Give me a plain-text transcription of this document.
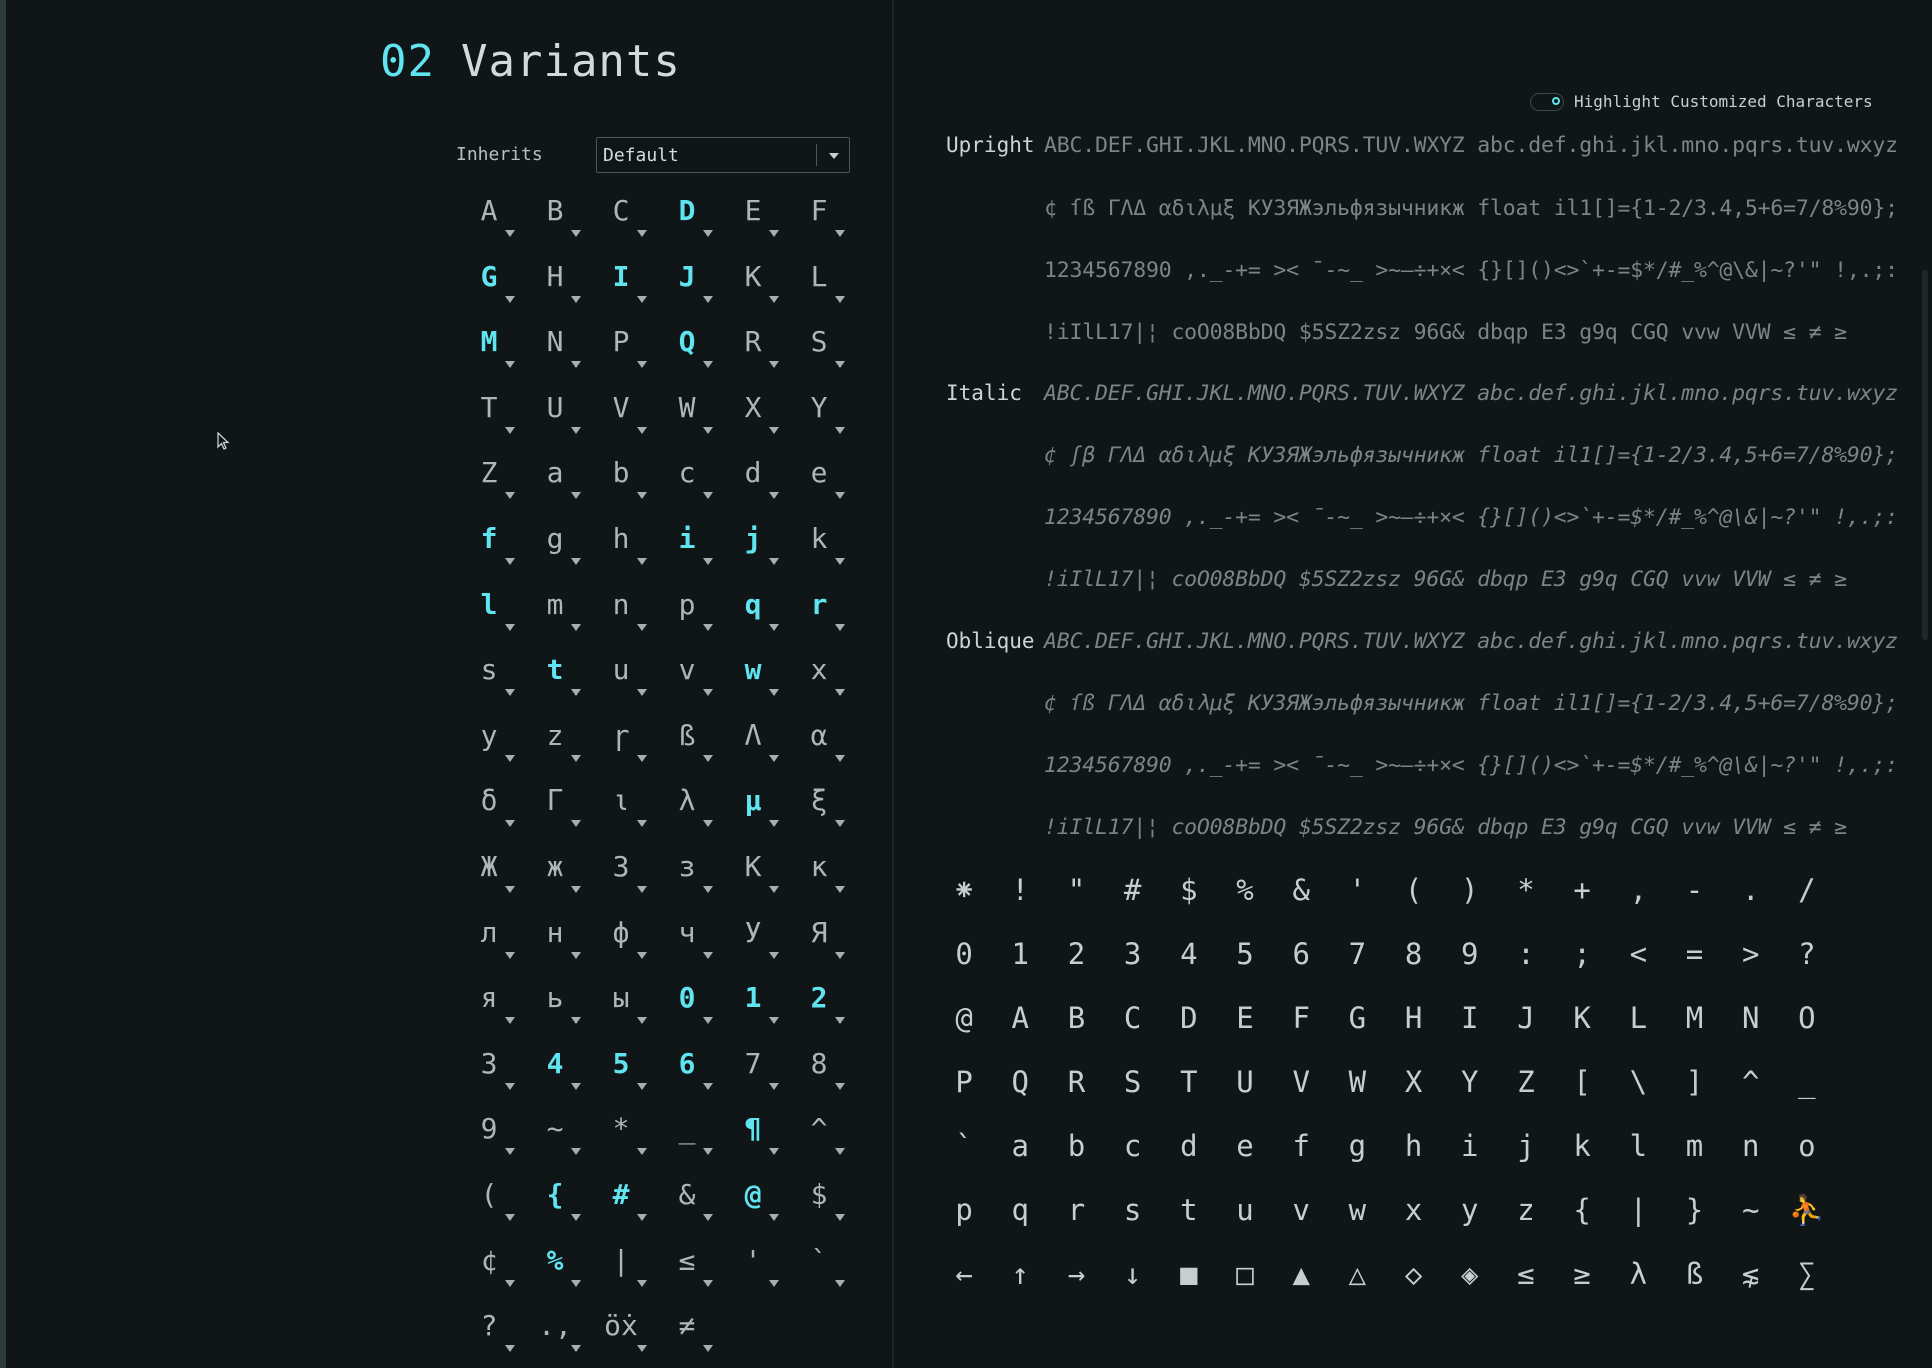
02 Variants
Inherits	Default
A	B	C	D	E	F
G	H	I	J	K	L
M	N	P	Q	R	S
T	U	V	W	X	Y
Z	a	b	c	d	e
f	g	h	i	j	k
l	m	n	p	q	r
s	t	u	v	w	x
y	z	ɼ	ß	Λ	α
δ	Γ	ι	λ	μ	ξ
Ж	ж	З	з	К	к
л	н	ф	ч	У	Я
я	ь	ы	0	1	2
3	4	5	6	7	8
9	~	*	_	¶	^
(	{	#	&	@	$
¢	%	|	≤	'	`
?	.,	öẋ	≠
Highlight Customized Characters
Upright ABC.DEF.GHI.JKL.MNO.PQRS.TUV.WXYZ abc.def.ghi.jkl.mno.pqrs.tuv.wxyz
¢ ſß ΓΛΔ αδιλμξ КУЗЯЖэльфязычникж float il1[]={1-2/3.4,5+6=7/8%90};
1234567890 ,._-+= >< ¯-~_ >~–÷+×< {}[]()<>`+-=$*/#_%^@\&|~?'" !,.;:
!iIlL17|¦ coO08BbDQ $5SZ2zsz 96G& dbqp E3 g9q CGQ vvw VVW ≤ ≠ ≥
Italic ABC.DEF.GHI.JKL.MNO.PQRS.TUV.WXYZ abc.def.ghi.jkl.mno.pqrs.tuv.wxyz
¢ ʃβ ΓΛΔ αδιλμξ КУЗЯЖэльфязычникж float il1[]={1-2/3.4,5+6=7/8%90};
1234567890 ,._-+= >< ¯-~_ >~–÷+×< {}[]()<>`+-=$*/#_%^@\&|~?'" !,.;:
!iIlL17|¦ coO08BbDQ $5SZ2zsz 96G& dbqp E3 g9q CGQ vvw VVW ≤ ≠ ≥
Oblique ABC.DEF.GHI.JKL.MNO.PQRS.TUV.WXYZ abc.def.ghi.jkl.mno.pqrs.tuv.wxyz
¢ ſß ΓΛΔ αδιλμξ КУЗЯЖэльфязычникж float il1[]={1-2/3.4,5+6=7/8%90};
1234567890 ,._-+= >< ¯-~_ >~–÷+×< {}[]()<>`+-=$*/#_%^@\&|~?'" !,.;:
!iIlL17|¦ coO08BbDQ $5SZ2zsz 96G& dbqp E3 g9q CGQ vvw VVW ≤ ≠ ≥
⁕	!	"	#	$	%	&	'	(	)	*	+	,	-	.	/
0	1	2	3	4	5	6	7	8	9	:	;	<	=	>	?
@	A	B	C	D	E	F	G	H	I	J	K	L	M	N	O
P	Q	R	S	T	U	V	W	X	Y	Z	[	\	]	^	_
`	a	b	c	d	e	f	g	h	i	j	k	l	m	n	o
p	q	r	s	t	u	v	w	x	y	z	{	|	}	~	⛹
←	↑	→	↓	■	□	▲	△	◇	◈	≤	≥	λ	ß	⋦	∑
